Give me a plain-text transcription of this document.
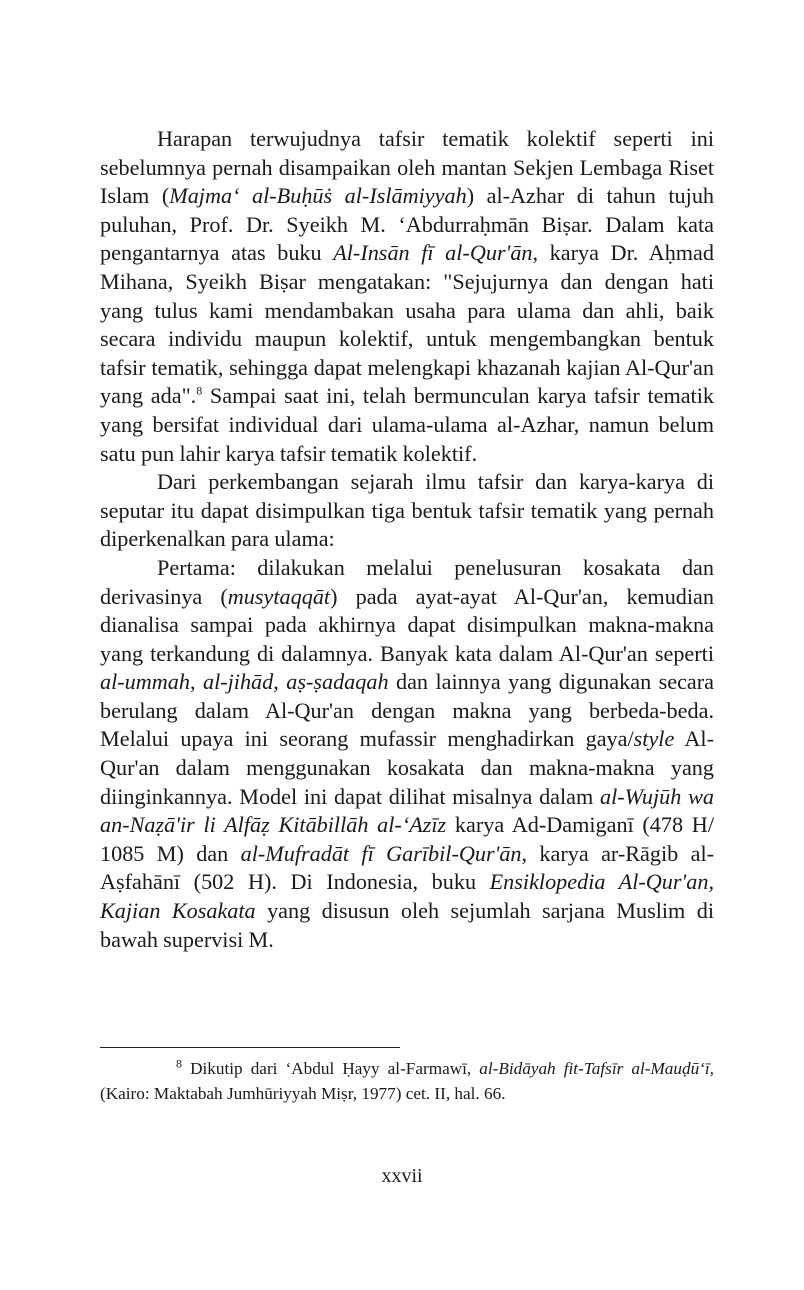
Harapan terwujudnya tafsir tematik kolektif seperti ini sebelumnya pernah disampaikan oleh mantan Sekjen Lembaga Riset Islam (Majma‘ al-Buḥūṡ al-Islāmiyyah) al-Azhar di tahun tujuh puluhan, Prof. Dr. Syeikh M. ‘Abdurraḥmān Biṣar. Dalam kata pengantarnya atas buku Al-Insān fī al-Qur'ān, karya Dr. Aḥmad Mihana, Syeikh Biṣar mengatakan: "Sejujurnya dan dengan hati yang tulus kami mendambakan usaha para ulama dan ahli, baik secara individu maupun kolektif, untuk mengembangkan bentuk tafsir tematik, sehingga dapat melengkapi khazanah kajian Al-Qur'an yang ada".$^8$ Sampai saat ini, telah bermunculan karya tafsir tematik yang bersifat individual dari ulama-ulama al-Azhar, namun belum satu pun lahir karya tafsir tematik kolektif.

Dari perkembangan sejarah ilmu tafsir dan karya-karya di seputar itu dapat disimpulkan tiga bentuk tafsir tematik yang pernah diperkenalkan para ulama:

Pertama: dilakukan melalui penelusuran kosakata dan derivasinya (musytaqqāt) pada ayat-ayat Al-Qur'an, kemudian dianalisa sampai pada akhirnya dapat disimpulkan makna-makna yang terkandung di dalamnya. Banyak kata dalam Al-Qur'an seperti al-ummah, al-jihād, aṣ-ṣadaqah dan lainnya yang digunakan secara berulang dalam Al-Qur'an dengan makna yang berbeda-beda. Melalui upaya ini seorang mufassir menghadirkan gaya/style Al-Qur'an dalam menggunakan kosakata dan makna-makna yang diinginkannya. Model ini dapat dilihat misalnya dalam al-Wujūh wa an-Naẓā'ir li Alfāẓ Kitābillāh al-‘Azīz karya Ad-Damiganī (478 H/ 1085 M) dan al-Mufradāt fī Garībil-Qur'ān, karya ar-Rāgib al-Aṣfahānī (502 H). Di Indonesia, buku Ensiklopedia Al-Qur'an, Kajian Kosakata yang disusun oleh sejumlah sarjana Muslim di bawah supervisi M.

$^8$ Dikutip dari ‘Abdul Ḥayy al-Farmawī, al-Bidāyah fit-Tafsīr al-Mauḍū‘ī, (Kairo: Maktabah Jumhūriyyah Miṣr, 1977) cet. II, hal. 66.

xxvii
